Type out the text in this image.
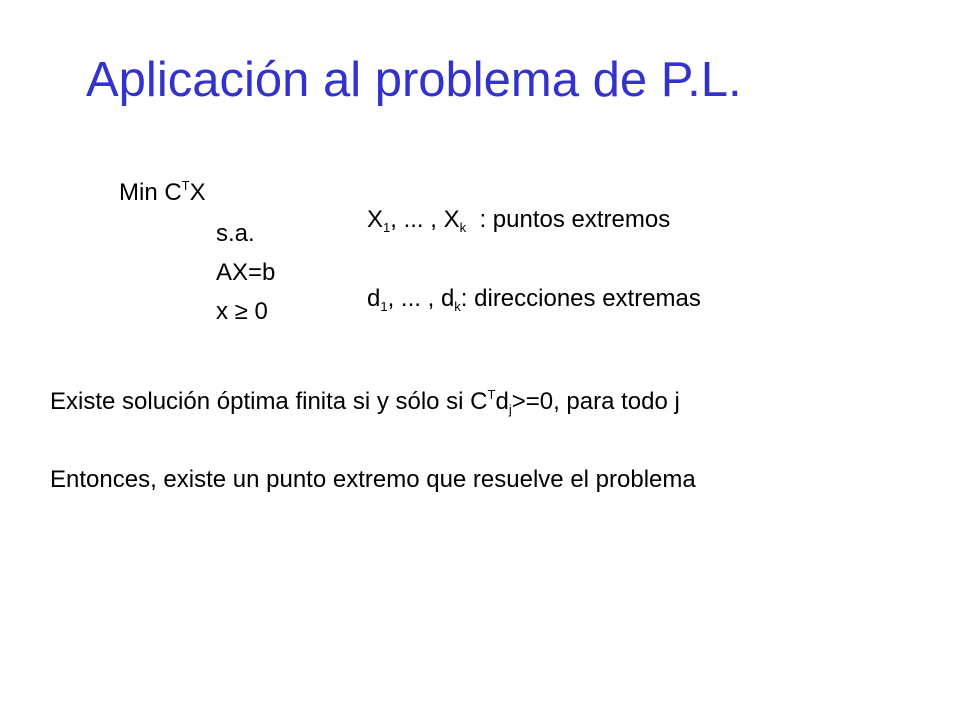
Aplicación al problema de P.L.
Min $C^TX$
s.a.
AX=b
x ≥ 0
$X_1$, ... , $X_k$  : puntos extremos
$d_1$, ... , $d_k$: direcciones extremas
Existe solución óptima finita si y sólo si $C^Td_j>=0$, para todo j
Entonces, existe un punto extremo que resuelve el problema
